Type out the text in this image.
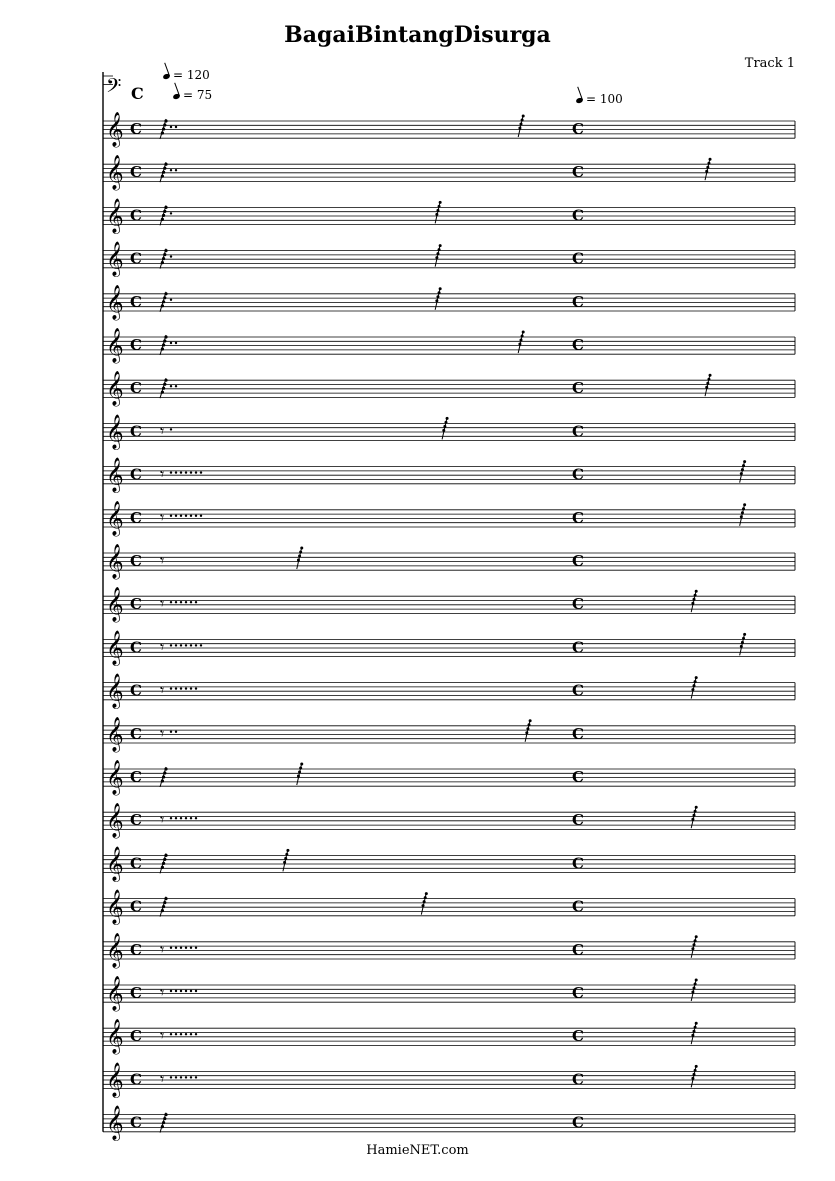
BagaiBintangDisurga
Track 1
= 120
= 75	= 100
𝄢 C
𝄞 C	C
𝄞 C	C
𝄞 C	C
𝄞 C	C
𝄞 C	C
𝄞 C	C
𝄞 C	C
𝄞 C	C
𝄾
𝄞 C	C
𝄾
𝄞 C	C
𝄾
𝄞 C	C
𝄾
𝄞 C	C
𝄾
𝄞 C	C
𝄾
𝄞 C	C
𝄾
𝄞 C	C
𝄾
𝄞 C	C
𝄞 C	C
𝄾
𝄞 C	C
𝄞 C	C
𝄞 C	C
𝄾
𝄞 C	C
𝄾
𝄞 C	C
𝄾
𝄞 C	C
𝄾
𝄞 C	C
HamieNET.com
